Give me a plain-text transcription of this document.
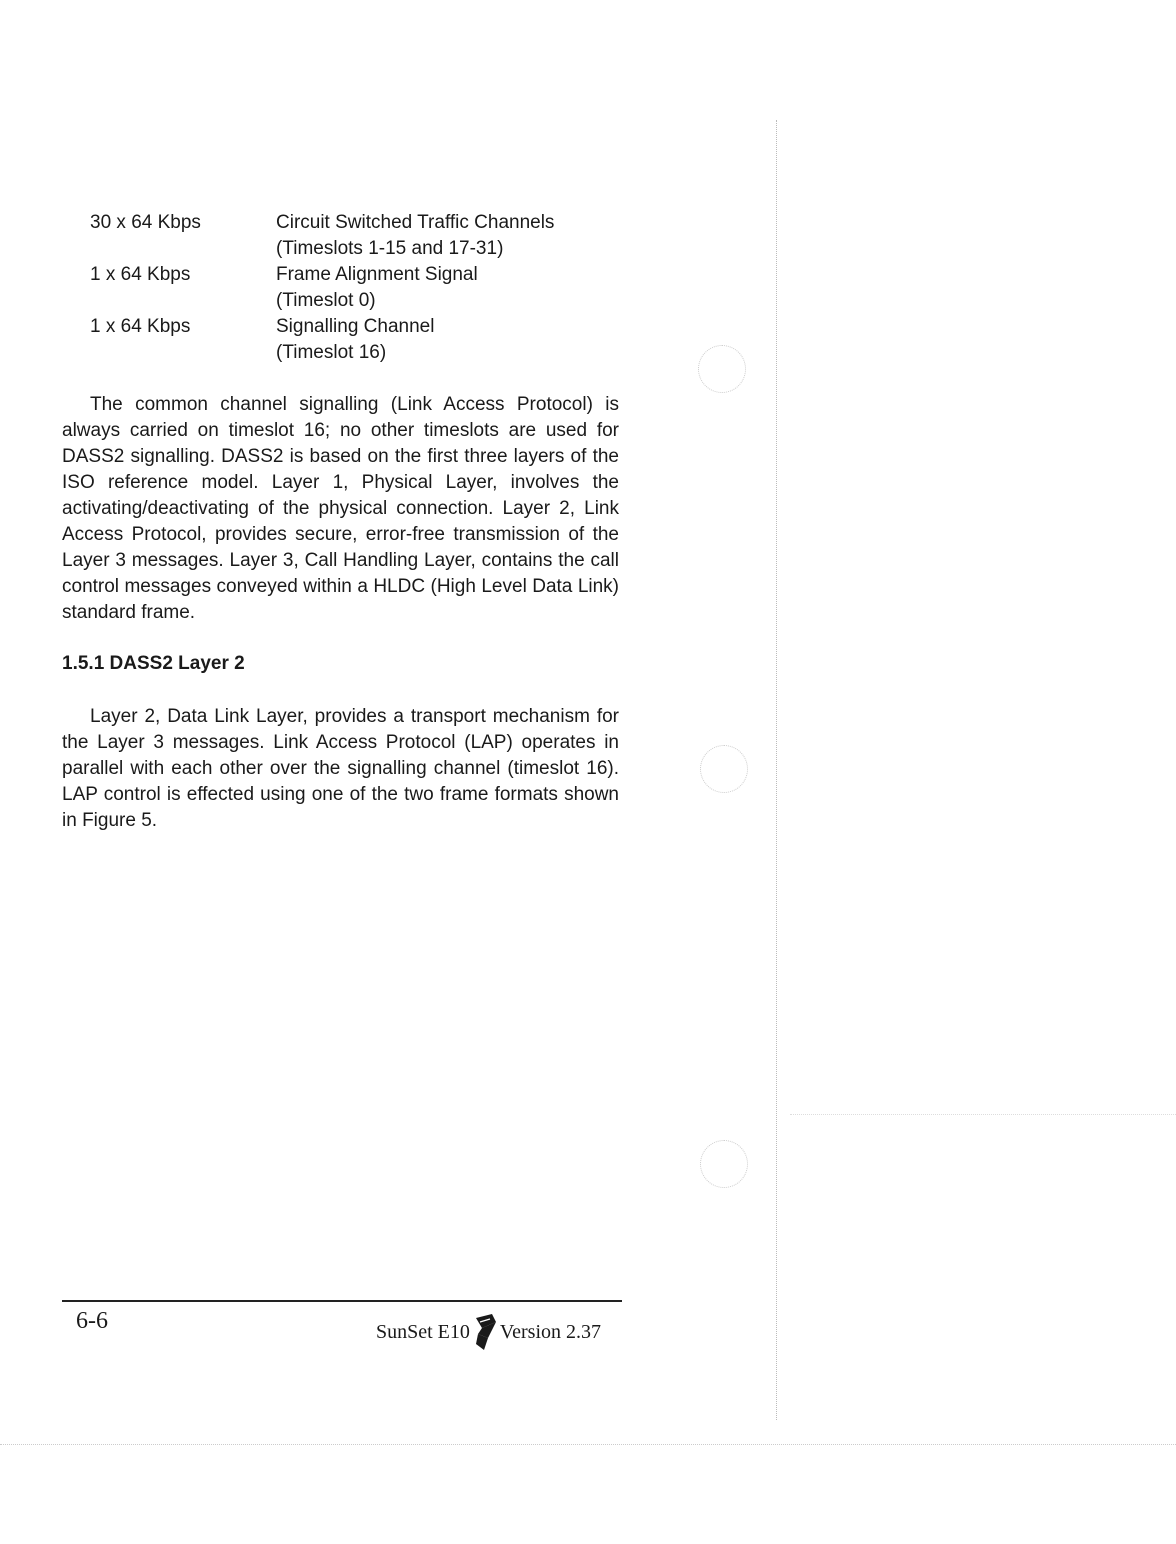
30 x 64 Kbps	Circuit Switched Traffic Channels
(Timeslots 1-15 and 17-31)
1 x 64 Kbps	Frame Alignment Signal
(Timeslot 0)
1 x 64 Kbps	Signalling Channel
(Timeslot 16)

The common channel signalling (Link Access Protocol) is always carried on timeslot 16; no other timeslots are used for DASS2 signalling. DASS2 is based on the first three layers of the ISO reference model. Layer 1, Physical Layer, involves the activating/deactivating of the physical connection. Layer 2, Link Access Protocol, provides secure, error-free transmission of the Layer 3 messages. Layer 3, Call Handling Layer, contains the call control messages conveyed within a HLDC (High Level Data Link) standard frame.

1.5.1 DASS2 Layer 2

Layer 2, Data Link Layer, provides a transport mechanism for the Layer 3 messages. Link Access Protocol (LAP) operates in parallel with each other over the signalling channel (timeslot 16). LAP control is effected using one of the two frame formats shown in Figure 5.

6-6	SunSet E10 Version 2.37
